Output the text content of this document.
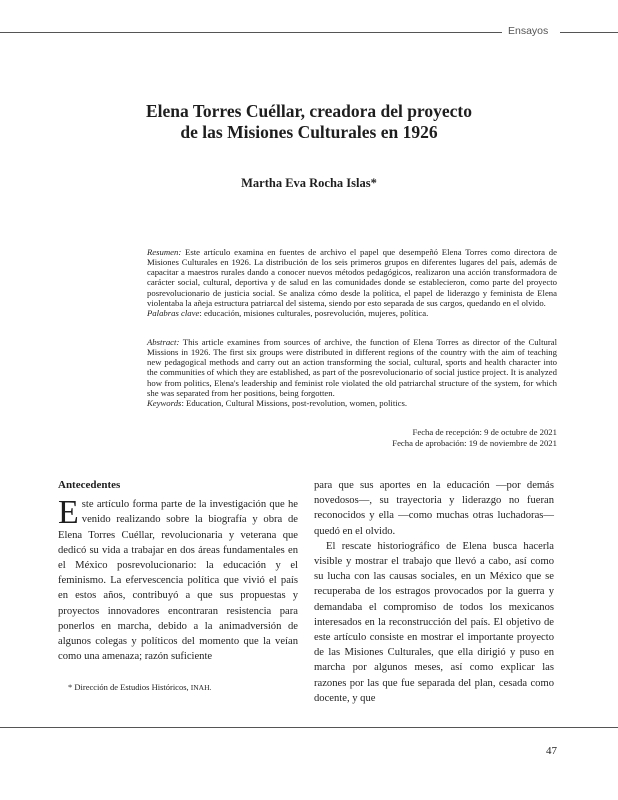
Ensayos
Elena Torres Cuéllar, creadora del proyecto
de las Misiones Culturales en 1926
Martha Eva Rocha Islas*

Resumen: Este artículo examina en fuentes de archivo el papel que desempeñó Elena Torres como directora de Misiones Culturales en 1926. La distribución de los seis primeros grupos en diferentes lugares del país, además de capacitar a maestros rurales dando a conocer nuevos métodos pedagógicos, realizaron una acción transformadora de carácter social, cultural, deportiva y de salud en las comunidades donde se establecieron, como parte del proyecto posrevolucionario de justicia social. Se analiza cómo desde la política, el papel de liderazgo y feminista de Elena violentaba la añeja estructura patriarcal del sistema, siendo por esto separada de sus cargos, quedando en el olvido.

Palabras clave: educación, misiones culturales, posrevolución, mujeres, política.

Abstract: This article examines from sources of archive, the function of Elena Torres as director of the Cultural Missions in 1926. The first six groups were distributed in different regions of the country with the aim of teaching new pedagogical methods and carry out an action transforming the social, cultural, sports and health character into the communities of which they are established, as part of the posrevolucionario of social justice project. It is analyzed how from politics, Elena's leadership and feminist role violated the old patriarchal structure of the system, for which she was separated from her positions, being forgotten.

Keywords: Education, Cultural Missions, post-revolution, women, politics.

Fecha de recepción: 9 de octubre de 2021
Fecha de aprobación: 19 de noviembre de 2021

Antecedentes

Este artículo forma parte de la investigación que he venido realizando sobre la biografía y obra de Elena Torres Cuéllar, revolucionaria y veterana que dedicó su vida a trabajar en dos áreas fundamentales en el México posrevolucionario: la educación y el feminismo. La efervescencia política que vivió el país en estos años, contribuyó a que sus propuestas y proyectos innovadores encontraran resistencia para ponerlos en marcha, debido a la animadversión de algunos colegas y políticos del momento que la veían como una amenaza; razón suficiente

para que sus aportes en la educación —por demás novedosos—, su trayectoria y liderazgo no fueran reconocidos y ella —como muchas otras luchadoras— quedó en el olvido.

El rescate historiográfico de Elena busca hacerla visible y mostrar el trabajo que llevó a cabo, así como su lucha con las causas sociales, en un México que se recuperaba de los estragos provocados por la guerra y demandaba el compromiso de todos los mexicanos interesados en la reconstrucción del país. El objetivo de este artículo consiste en mostrar el importante proyecto de las Misiones Culturales, que ella dirigió y puso en marcha por algunos meses, así como explicar las razones por las que fue separada del plan, cesada como docente, y que

* Dirección de Estudios Históricos, INAH.
47
